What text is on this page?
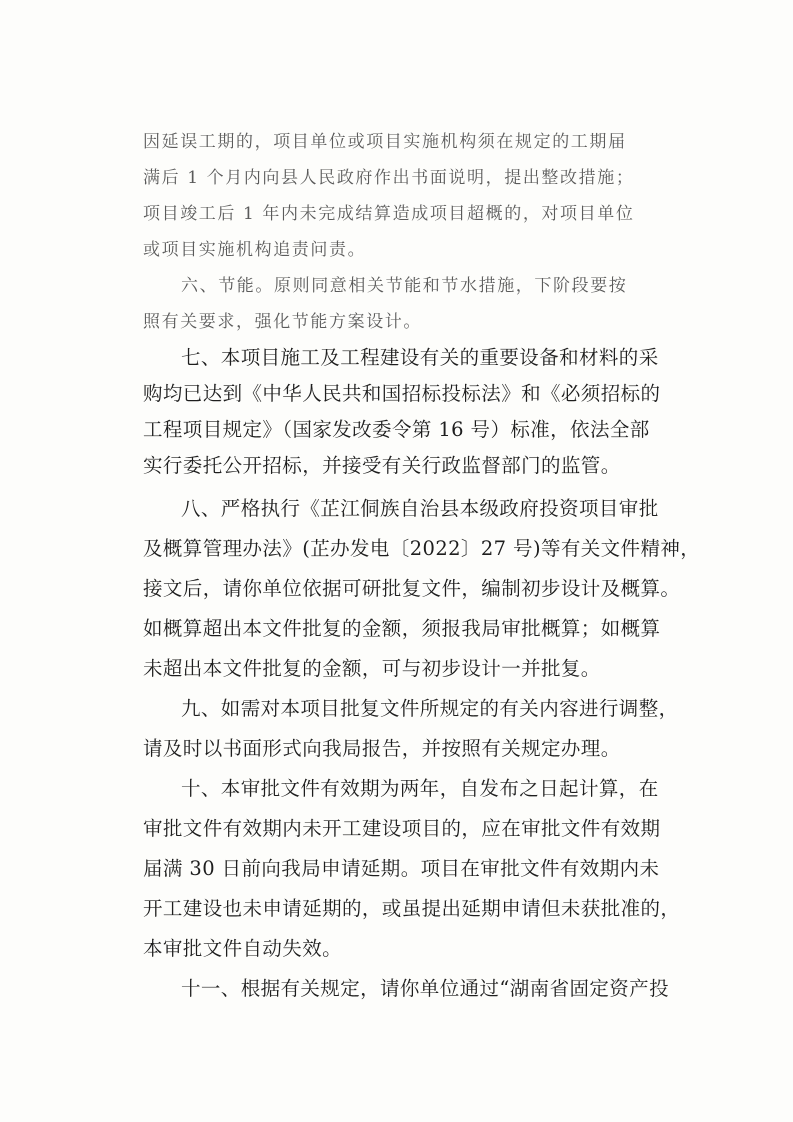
因延误工期的，项目单位或项目实施机构须在规定的工期届
满后 1 个月内向县人民政府作出书面说明，提出整改措施；
项目竣工后 1 年内未完成结算造成项目超概的，对项目单位
或项目实施机构追责问责。
六、节能。原则同意相关节能和节水措施，下阶段要按
照有关要求，强化节能方案设计。
七、本项目施工及工程建设有关的重要设备和材料的采
购均已达到《中华人民共和国招标投标法》和《必须招标的
工程项目规定》（国家发改委令第 16 号）标准，依法全部
实行委托公开招标，并接受有关行政监督部门的监管。
八、严格执行《芷江侗族自治县本级政府投资项目审批
及概算管理办法》(芷办发电〔2022〕27 号)等有关文件精神，
接文后，请你单位依据可研批复文件，编制初步设计及概算。
如概算超出本文件批复的金额，须报我局审批概算；如概算
未超出本文件批复的金额，可与初步设计一并批复。
九、如需对本项目批复文件所规定的有关内容进行调整，
请及时以书面形式向我局报告，并按照有关规定办理。
十、本审批文件有效期为两年，自发布之日起计算，在
审批文件有效期内未开工建设项目的，应在审批文件有效期
届满 30 日前向我局申请延期。项目在审批文件有效期内未
开工建设也未申请延期的，或虽提出延期申请但未获批准的，
本审批文件自动失效。
十一、根据有关规定，请你单位通过“湖南省固定资产投
